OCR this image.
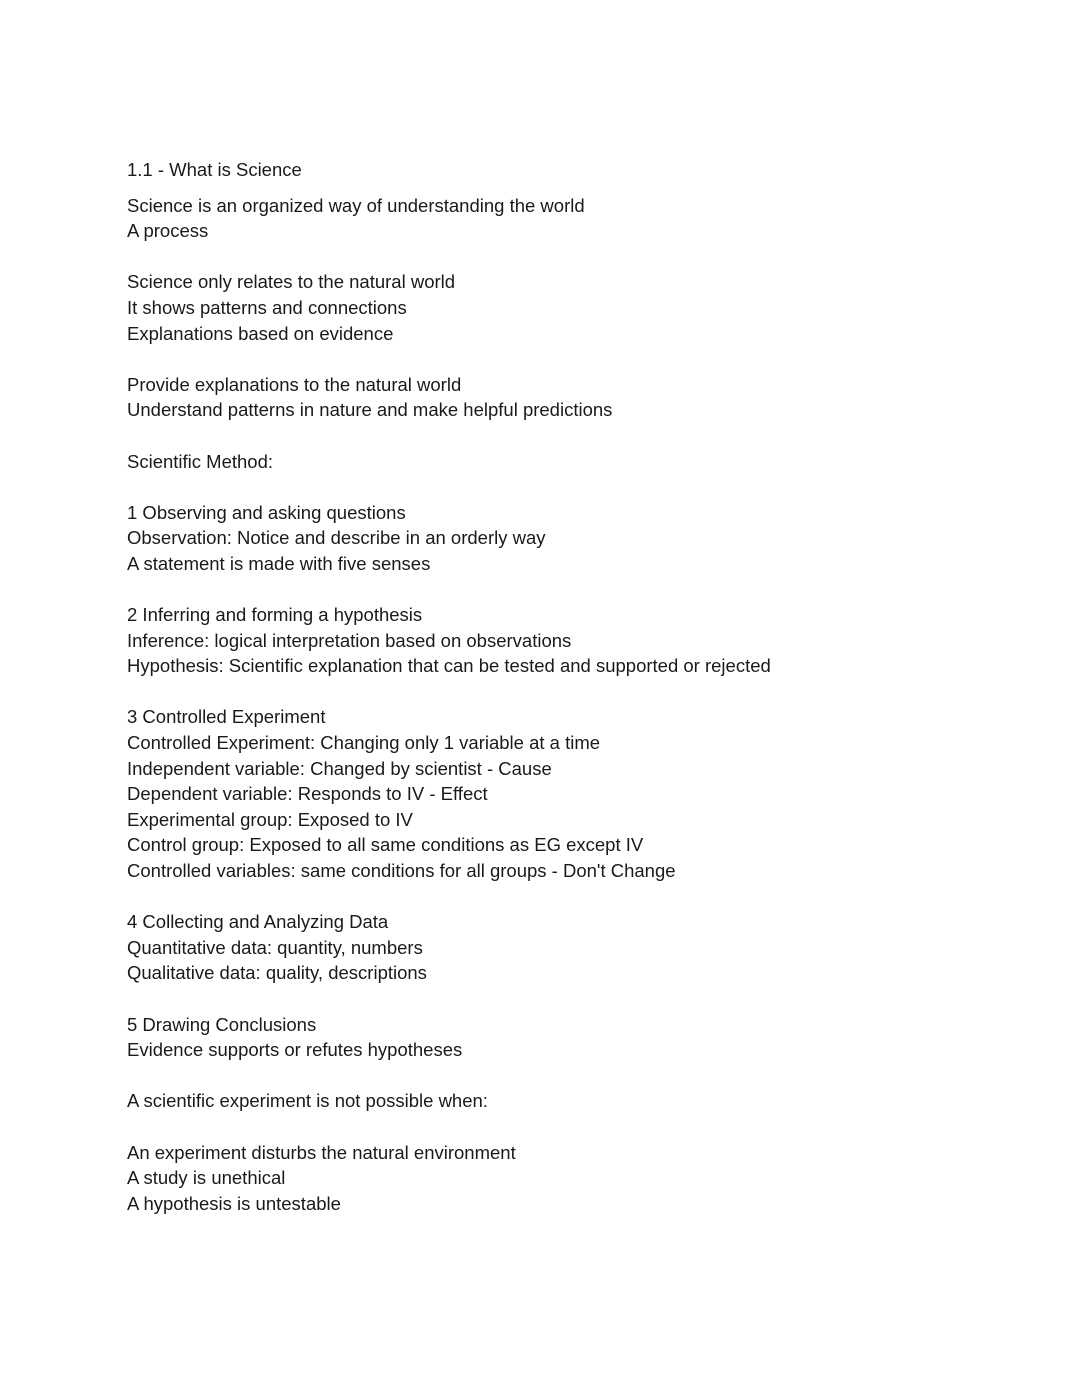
1.1 - What is Science
Science is an organized way of understanding the world
A process
Science only relates to the natural world
It shows patterns and connections
Explanations based on evidence
Provide explanations to the natural world
Understand patterns in nature and make helpful predictions
Scientific Method:
1 Observing and asking questions
Observation: Notice and describe in an orderly way
A statement is made with five senses
2 Inferring and forming a hypothesis
Inference: logical interpretation based on observations
Hypothesis: Scientific explanation that can be tested and supported or rejected
3 Controlled Experiment
Controlled Experiment: Changing only 1 variable at a time
Independent variable: Changed by scientist - Cause
Dependent variable: Responds to IV - Effect
Experimental group: Exposed to IV
Control group: Exposed to all same conditions as EG except IV
Controlled variables: same conditions for all groups - Don't Change
4 Collecting and Analyzing Data
Quantitative data: quantity, numbers
Qualitative data: quality, descriptions
5 Drawing Conclusions
Evidence supports or refutes hypotheses
A scientific experiment is not possible when:
An experiment disturbs the natural environment
A study is unethical
A hypothesis is untestable
